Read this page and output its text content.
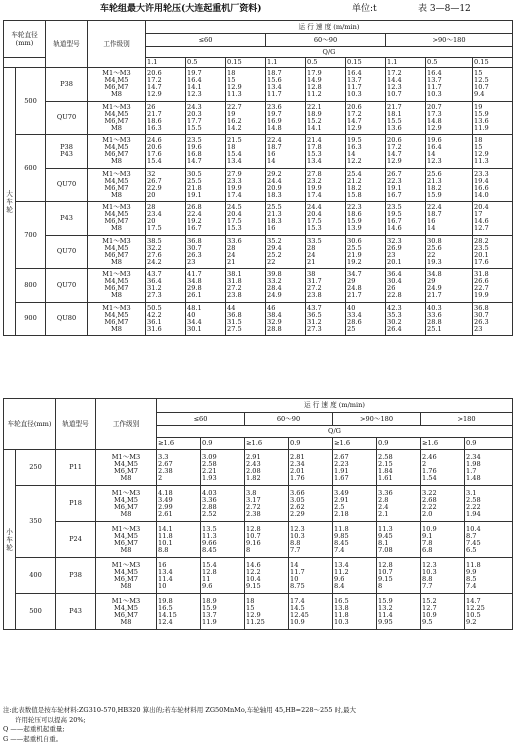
车轮组最大许用轮压(大连起重机厂资料)	单位:t	表 3—8—12
车轮直径(mm)		轨道型号	工作级别	运 行 速 度 (m/min)								
				≤60			60～90			>90～180		
				Q/G								
				1.1	0.5	0.15	1.1	0.5	0.15	1.1	0.5	0.15
大 车 轮	500	P38	M1～M3
M4,M5
M6,M7
M8	20.6
17.2
14.7
12.9	19.7
16.4
14.1
12.3	18
15
12.9
11.3	18.7
15.6
13.4
11.7	17.9
14.9
12.8
11.2	16.4
13.7
11.7
10.3	17.2
14.4
12.3
10.7	16.4
13.7
11.7
10.3	15
12.5
10.7
9.4

		QU70	M1～M3
M4,M5
M6,M7
M8	26
21.7
18.6
16.3	24.3
20.3
17.7
15.5	22.7
19
16.2
14.2	23.6
19.7
16.9
14.8	22.1
18.9
15.2
14.1	20.6
17.2
14.7
12.9	21.7
18.1
15.5
13.6	20.7
17.3
14.8
12.9	19
15.9
13.6
11.9

	600	P38
P43	M1～M3
M4,M5
M6,M7
M8	24.6
20.6
17.6
15.4	23.5
19.6
16.8
14.7	21.5
18
15.4
13.4	22.4
18.7
16
14	21.4
17.8
15.3
13.4	19.5
16.3
14
12.2	20.6
17.2
14.7
12.9	19.6
16.4
14
12.3	18
15
12.9
11.3

		QU70	M1～M3
M4,M5
M6,M7
M8	32
26.7
22.9
20	30.5
25.5
21.8
19.1	27.9
23.3
19.9
17.4	29.2
24.4
20.9
18.3	27.8
23.2
19.9
17.4	25.4
21.2
18.2
15.8	26.7
22.3
19.1
16.7	25.6
21.3
18.2
15.9	23.3
19.4
16.6
14.0

	700	P43	M1～M3
M4,M5
M6,M7
M8	28
23.4
20
17.5	26.8
22.4
19.2
16.7	24.5
20.4
17.5
15.3	25.5
21.3
18.3
16	24.4
20.4
17.5
15.3	22.3
18.6
15.9
13.9	23.5
19.5
16.7
14.6	22.4
18.7
16
14	20.4
17
14.6
12.7

		QU70	M1～M3
M4,M5
M6,M7
M8	38.5
32.2
27.6
24.2	36.8
30.7
26.3
23	33.6
28
24
21	35.2
29.4
25.2
22	33.5
28
24
21	30.6
25.5
21.9
19.2	32.3
26.9
23
20.1	30.8
25.6
22
19.3	28.2
23.5
20.1
17.6

	800	QU70	M1～M3
M4,M5
M6,M7
M8	43.7
36.4
31.2
27.3	41.7
34.8
29.8
26.1	38.1
31.8
27.2
23.8	39.8
33.2
28.4
24.9	38
31.7
27.2
23.8	34.7
29
24.8
21.7	36.4
30.4
26
22.8	34.8
29
24.9
21.7	31.8
26.6
22.7
19.9

	900	QU80	M1～M3
M4,M5
M6,M7
M8	50.5
42.2
36.1
31.6	48.1
40
34.4
30.1	44
36.8
31.5
27.5	46
38.4
32.9
28.8	43.7
36.5
31.2
27.3	40
33.4
28.6
25	42.3
35.3
30.2
26.4	40.3
33.6
28.8
25.1	36.8
30.7
26.3
23
车轮直径(mm)		轨道型号	工作级别	运 行 速 度 (m/min)							
				≤60		60～90		>90～180		>180	
				Q/G							
				≥1.6	0.9	≥1.6	0.9	≥1.6	0.9	≥1.6	0.9
小 车 轮	250	P11	M1～M3
M4,M5
M6,M7
M8	3.3
2.67
2.38
2	3.09
2.58
2.21
1.93	2.91
2.43
2.08
1.82	2.81
2.34
2.01
1.76	2.67
2.23
1.91
1.67	2.58
2.15
1.84
1.61	2.46
2
1.76
1.54	2.34
1.98
1.7
1.48

	350	P18	M1～M3
M4,M5
M6,M7
M8	4.18
3.49
2.99
2.61	4.03
3.36
2.88
2.52	3.8
3.17
2.72
2.38	3.66
3.05
2.62
2.29	3.49
2.91
2.5
2.18	3.36
2.8
2.4
2.1	3.22
2.68
2.22
2.0	3.1
2.58
2.22
1.94

		P24	M1～M3
M4,M5
M6,M7
M8	14.1
11.8
10.1
8.8	13.5
11.3
9.66
8.45	12.8
10.7
9.16
8	12.3
10.3
8.8
7.7	11.8
9.85
8.45
7.4	11.3
9.45
8.1
7.08	10.9
9.1
7.8
6.8	10.4
8.7
7.45
6.5

	400	P38	M1～M3
M4,M5
M6,M7
M8	16
13.4
11.4
10	15.4
12.8
11
9.6	14.6
12.2
10.4
9.15	14
11.7
10
8.75	13.4
11.2
9.6
8.4	12.8
10.7
9.15
8	12.3
10.3
8.8
7.7	11.8
9.9
8.5
7.4

	500	P43	M1～M3
M4,M5
M6,M7
M8	19.8
16.5
14.15
12.4	18.9
15.9
13.7
11.9	18
15
12.9
11.25	17.4
14.5
12.45
10.9	16.5
13.8
11.8
10.3	15.9
13.2
11.4
9.95	15.2
12.7
10.9
9.5	14.7
12.25
10.5
9.2
注:此表数值是按车轮材料:ZG310-570,HB320 算出的;若车轮材料用 ZG50MnMo,车轮轴用 45,HB=228～255 时,最大
许用轮压可以提高 20%;
Q ——起重机起重量;
G ——起重机自重。
